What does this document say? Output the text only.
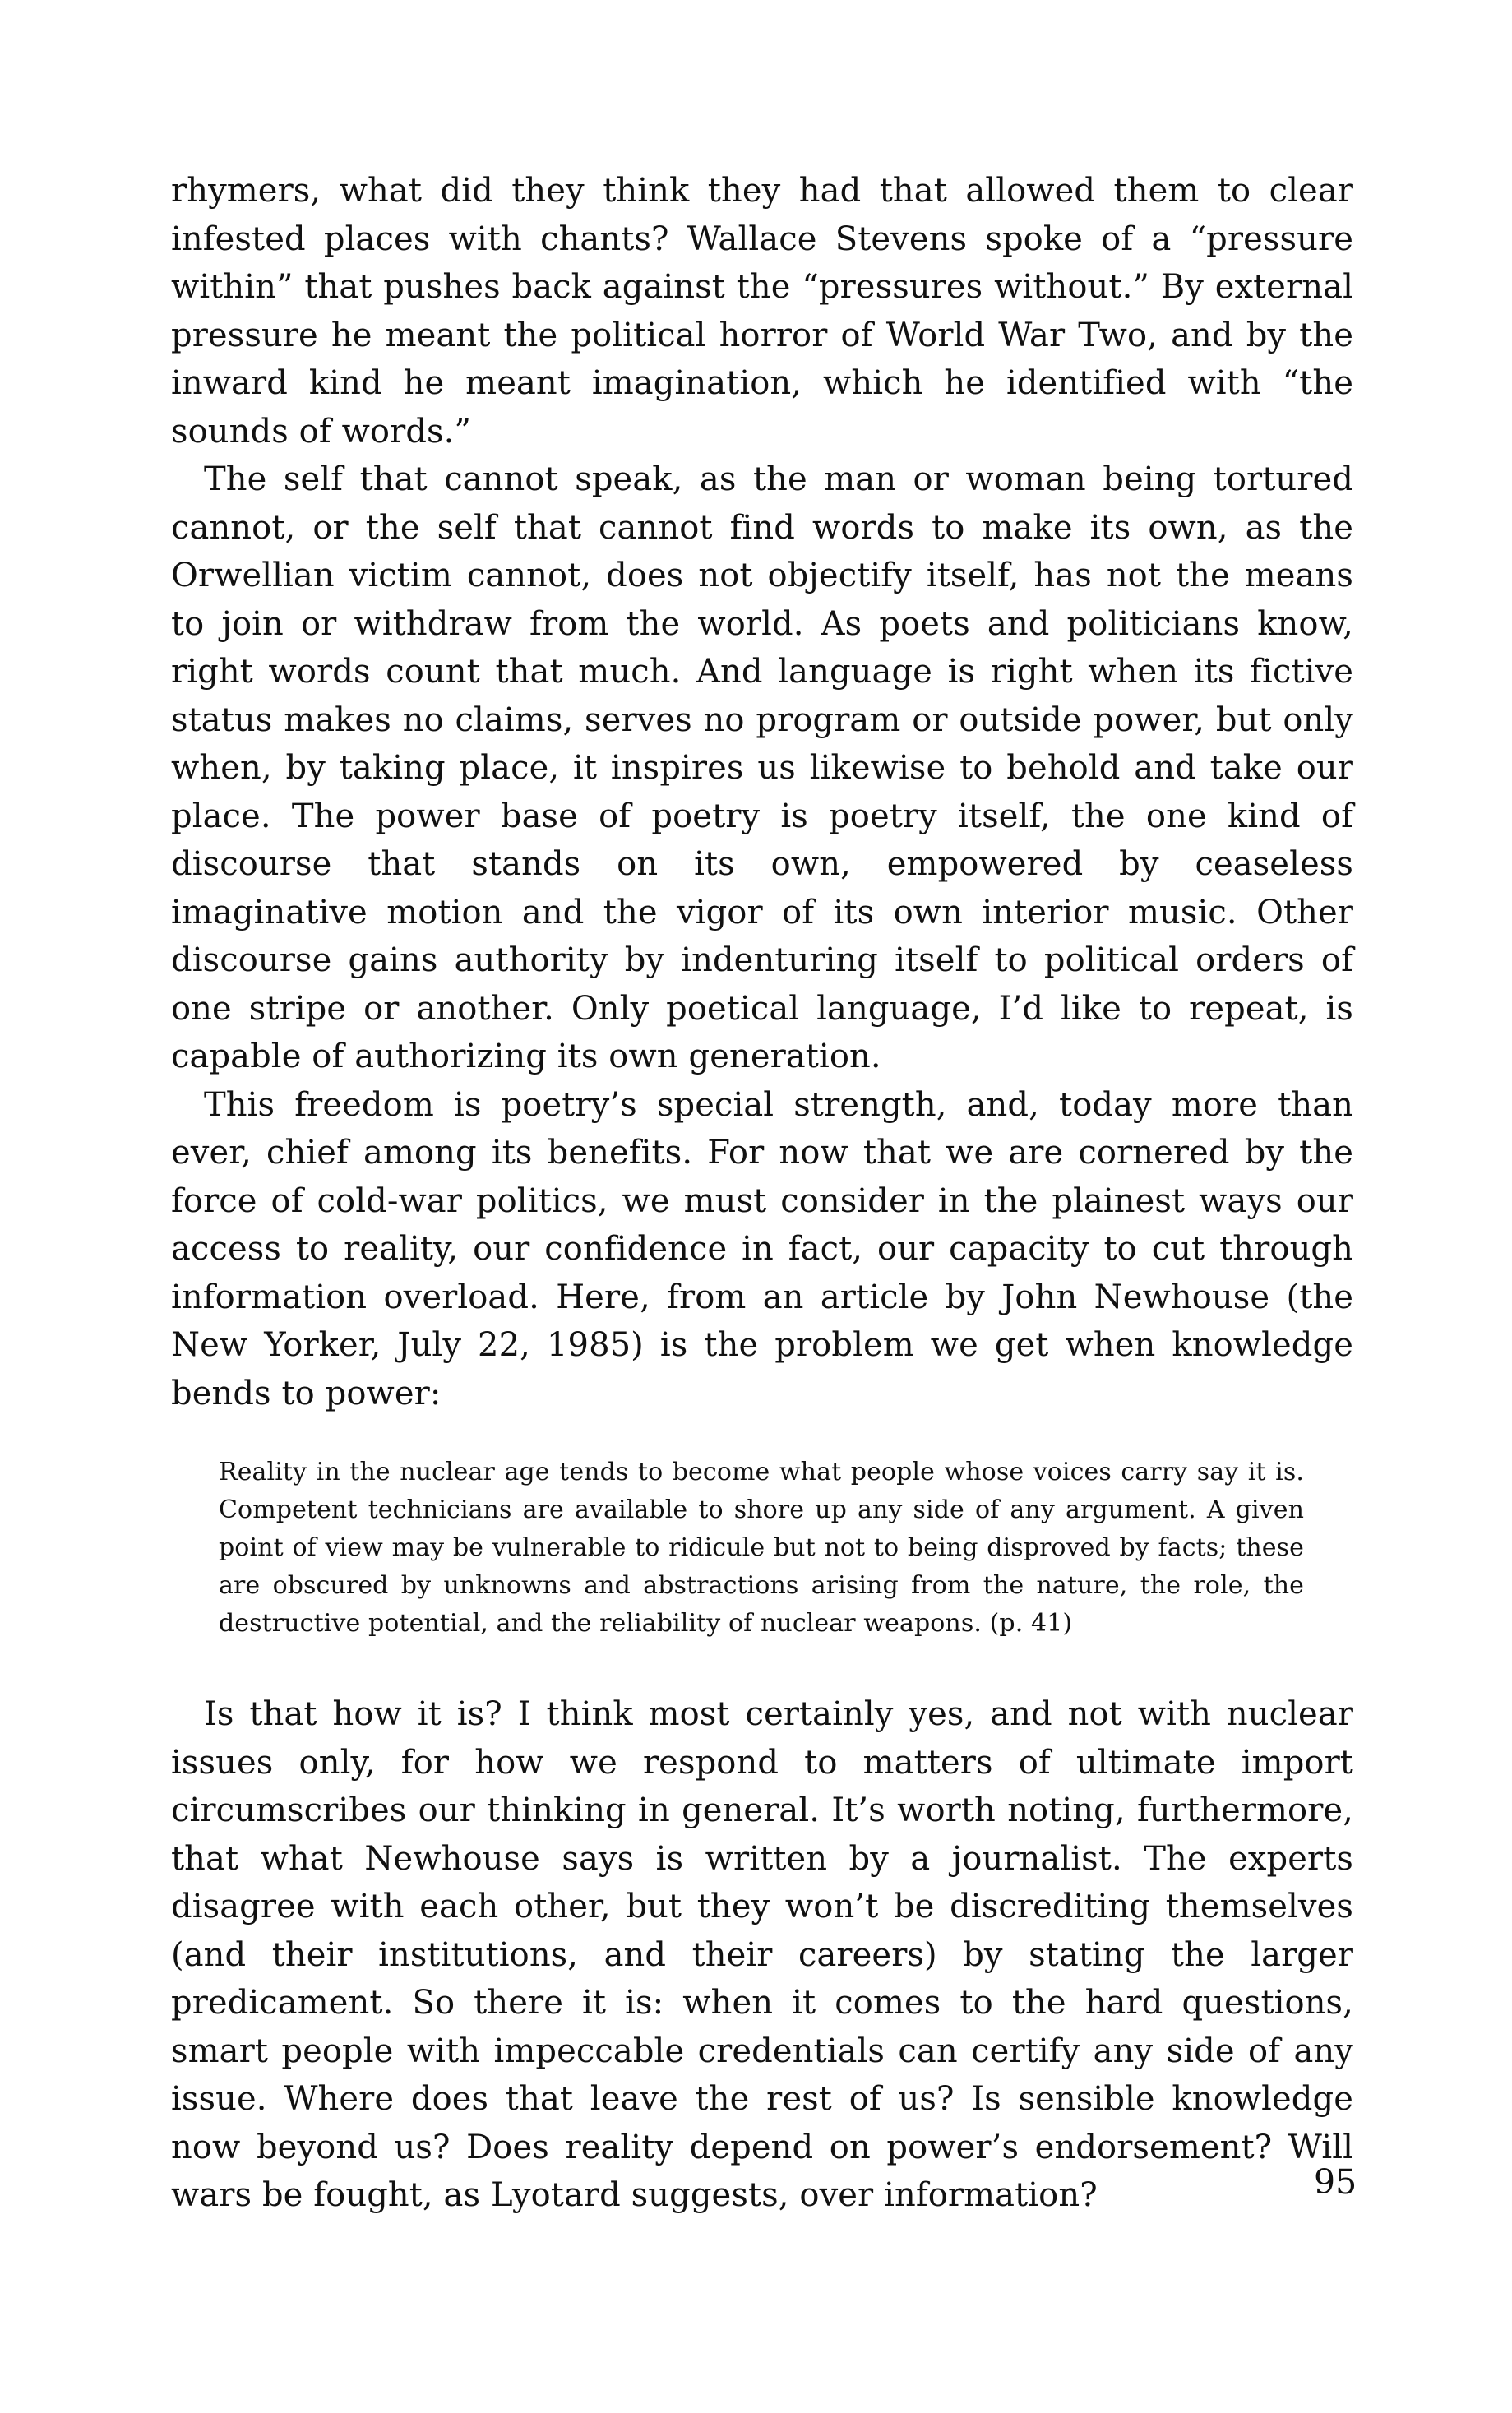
rhymers, what did they think they had that allowed them to clear infested places with chants? Wallace Stevens spoke of a “pressure within” that pushes back against the “pressures without.” By external pressure he meant the political horror of World War Two, and by the inward kind he meant imagination, which he identified with “the sounds of words.”

The self that cannot speak, as the man or woman being tortured cannot, or the self that cannot find words to make its own, as the Orwellian victim cannot, does not objectify itself, has not the means to join or withdraw from the world. As poets and politicians know, right words count that much. And language is right when its fictive status makes no claims, serves no program or outside power, but only when, by taking place, it inspires us likewise to behold and take our place. The power base of poetry is poetry itself, the one kind of discourse that stands on its own, empowered by ceaseless imaginative motion and the vigor of its own interior music. Other discourse gains authority by indenturing itself to political orders of one stripe or another. Only poetical language, I’d like to repeat, is capable of authorizing its own generation.

This freedom is poetry’s special strength, and, today more than ever, chief among its benefits. For now that we are cornered by the force of cold-war politics, we must consider in the plainest ways our access to reality, our confidence in fact, our capacity to cut through information overload. Here, from an article by John Newhouse (the New Yorker, July 22, 1985) is the problem we get when knowledge bends to power:

Reality in the nuclear age tends to become what people whose voices carry say it is. Competent technicians are available to shore up any side of any argument. A given point of view may be vulnerable to ridicule but not to being disproved by facts; these are obscured by unknowns and abstractions arising from the nature, the role, the destructive potential, and the reliability of nuclear weapons. (p. 41)

Is that how it is? I think most certainly yes, and not with nuclear issues only, for how we respond to matters of ultimate import circumscribes our thinking in general. It’s worth noting, furthermore, that what Newhouse says is written by a journalist. The experts disagree with each other, but they won’t be discrediting themselves (and their institutions, and their careers) by stating the larger predicament. So there it is: when it comes to the hard questions, smart people with impeccable credentials can certify any side of any issue. Where does that leave the rest of us? Is sensible knowledge now beyond us? Does reality depend on power’s endorsement? Will wars be fought, as Lyotard suggests, over information?	95
